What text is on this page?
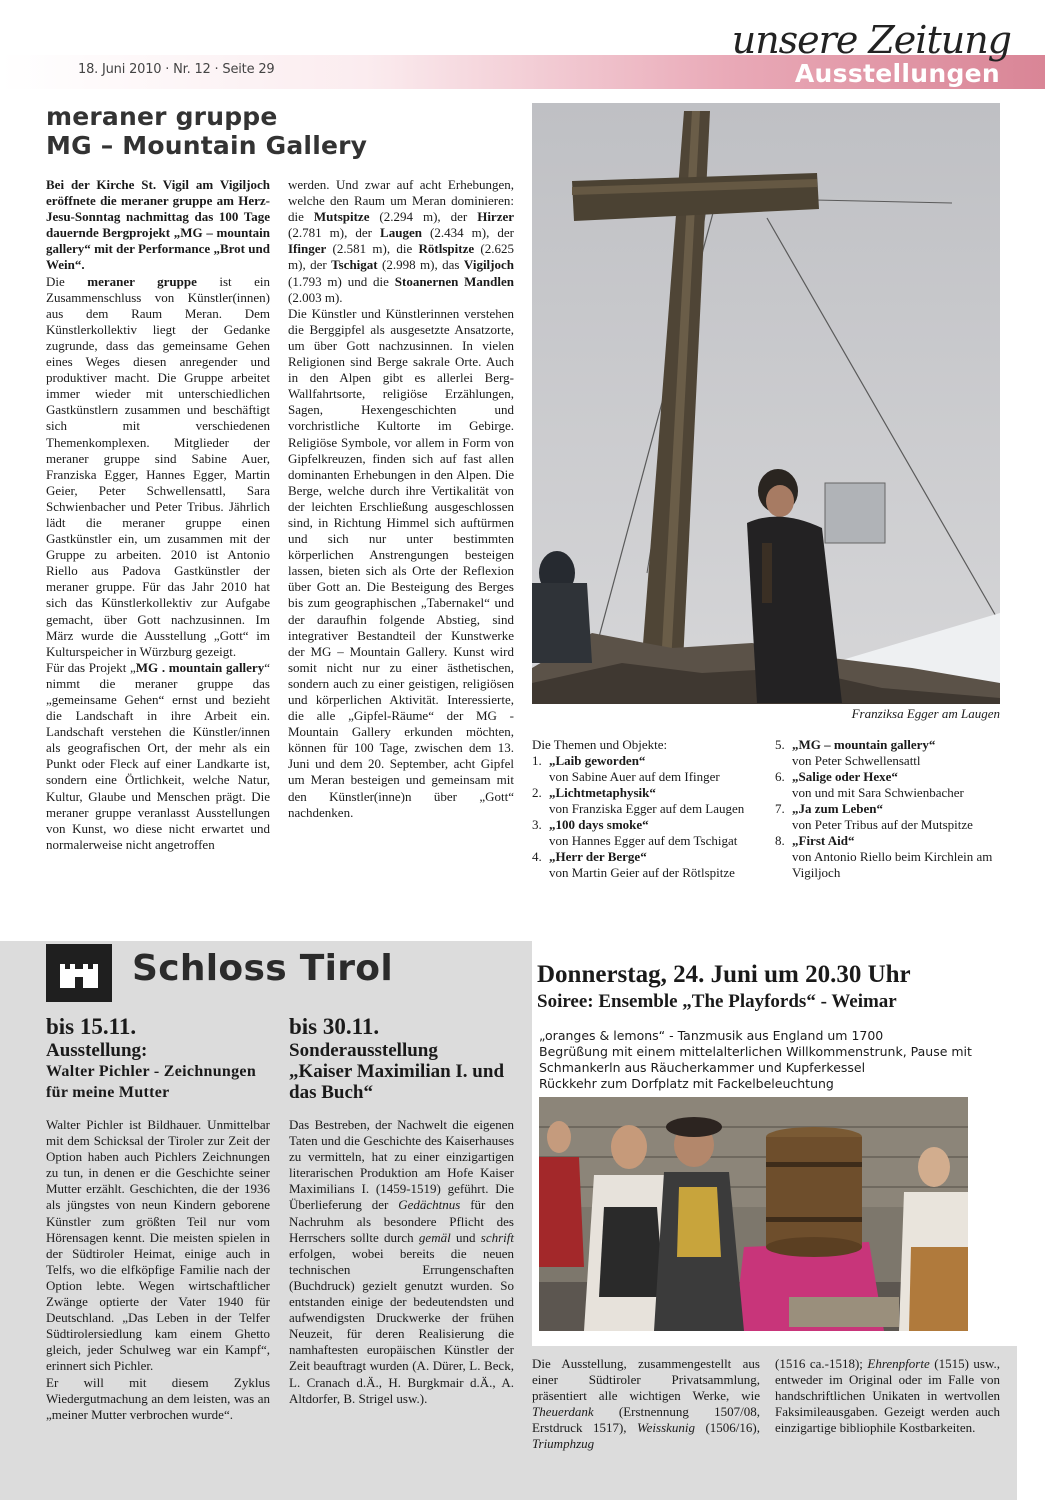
18. Juni 2010 · Nr. 12 · Seite 29
unsere Zeitung
Ausstellungen
meraner gruppe
MG – Mountain Gallery

Bei der Kirche St. Vigil am Vigiljoch eröffnete die meraner gruppe am Herz-Jesu-Sonntag nachmittag das 100 Tage dauernde Bergprojekt „MG – mountain gallery“ mit der Performance „Brot und Wein“.

Die meraner gruppe ist ein Zusammenschluss von Künstler(innen) aus dem Raum Meran. Dem Künstlerkollektiv liegt der Gedanke zugrunde, dass das gemeinsame Gehen eines Weges diesen anregender und produktiver macht. Die Gruppe arbeitet immer wieder mit unterschiedlichen Gastkünstlern zusammen und beschäftigt sich mit verschiedenen Themenkomplexen. Mitglieder der meraner gruppe sind Sabine Auer, Franziska Egger, Hannes Egger, Martin Geier, Peter Schwellensattl, Sara Schwienbacher und Peter Tribus. Jährlich lädt die meraner gruppe einen Gastkünstler ein, um zusammen mit der Gruppe zu arbeiten. 2010 ist Antonio Riello aus Padova Gastkünstler der meraner gruppe. Für das Jahr 2010 hat sich das Künstlerkollektiv zur Aufgabe gemacht, über Gott nachzusinnen. Im März wurde die Ausstellung „Gott“ im Kulturspeicher in Würzburg gezeigt.

Für das Projekt „MG . mountain gallery“ nimmt die meraner gruppe das „gemeinsame Gehen“ ernst und bezieht die Landschaft in ihre Arbeit ein. Landschaft verstehen die Künstler/innen als geografischen Ort, der mehr als ein Punkt oder Fleck auf einer Landkarte ist, sondern eine Örtlichkeit, welche Natur, Kultur, Glaube und Menschen prägt. Die meraner gruppe veranlasst Ausstellungen von Kunst, wo diese nicht erwartet und normalerweise nicht angetroffen

werden. Und zwar auf acht Erhebungen, welche den Raum um Meran dominieren: die Mutspitze (2.294 m), der Hirzer (2.781 m), der Laugen (2.434 m), der Ifinger (2.581 m), die Rötlspitze (2.625 m), der Tschigat (2.998 m), das Vigiljoch (1.793 m) und die Stoanernen Mandlen (2.003 m).

Die Künstler und Künstlerinnen verstehen die Berggipfel als ausgesetzte Ansatzorte, um über Gott nachzusinnen. In vielen Religionen sind Berge sakrale Orte. Auch in den Alpen gibt es allerlei Berg-Wallfahrtsorte, religiöse Erzählungen, Sagen, Hexengeschichten und vorchristliche Kultorte im Gebirge. Religiöse Symbole, vor allem in Form von Gipfelkreuzen, finden sich auf fast allen dominanten Erhebungen in den Alpen. Die Berge, welche durch ihre Vertikalität von der leichten Erschließung ausgeschlossen sind, in Richtung Himmel sich auftürmen und sich nur unter bestimmten körperlichen Anstrengungen besteigen lassen, bieten sich als Orte der Reflexion über Gott an. Die Besteigung des Berges bis zum geographischen „Tabernakel“ und der daraufhin folgende Abstieg, sind integrativer Bestandteil der Kunstwerke der MG – Mountain Gallery. Kunst wird somit nicht nur zu einer ästhetischen, sondern auch zu einer geistigen, religiösen und körperlichen Aktivität. Interessierte, die alle „Gipfel-Räume“ der MG - Mountain Gallery erkunden möchten, können für 100 Tage, zwischen dem 13. Juni und dem 20. September, acht Gipfel um Meran besteigen und gemeinsam mit den Künstler(inne)n über „Gott“ nachdenken.

Franziksa Egger am Laugen
Die Themen und Objekte:
1. „Laib geworden“
von Sabine Auer auf dem Ifinger
2. „Lichtmetaphysik“
von Franziska Egger auf dem Laugen
3. „100 days smoke“
von Hannes Egger auf dem Tschigat
4. „Herr der Berge“
von Martin Geier auf der Rötlspitze
5. „MG – mountain gallery“
von Peter Schwellensattl
6. „Salige oder Hexe“
von und mit Sara Schwienbacher
7. „Ja zum Leben“
von Peter Tribus auf der Mutspitze
8. „First Aid“
von Antonio Riello beim Kirchlein am Vigiljoch
Schloss Tirol
bis 15.11.
Ausstellung:
Walter Pichler - Zeichnungen für meine Mutter

Walter Pichler ist Bildhauer. Unmittelbar mit dem Schicksal der Tiroler zur Zeit der Option haben auch Pichlers Zeichnungen zu tun, in denen er die Geschichte seiner Mutter erzählt. Geschichten, die der 1936 als jüngstes von neun Kindern geborene Künstler zum größten Teil nur vom Hörensagen kennt. Die meisten spielen in der Südtiroler Heimat, einige auch in Telfs, wo die elfköpfige Familie nach der Option lebte. Wegen wirtschaftlicher Zwänge optierte der Vater 1940 für Deutschland. „Das Leben in der Telfer Südtirolersiedlung kam einem Ghetto gleich, jeder Schulweg war ein Kampf“, erinnert sich Pichler.

Er will mit diesem Zyklus Wiedergutmachung an dem leisten, was an „meiner Mutter verbrochen wurde“.

bis 30.11.
Sonderausstellung
„Kaiser Maximilian I. und das Buch“

Das Bestreben, der Nachwelt die eigenen Taten und die Geschichte des Kaiserhauses zu vermitteln, hat zu einer einzigartigen literarischen Produktion am Hofe Kaiser Maximilians I. (1459-1519) geführt. Die Überlieferung der Gedächtnus für den Nachruhm als besondere Pflicht des Herrschers sollte durch gemäl und schrift erfolgen, wobei bereits die neuen technischen Errungenschaften (Buchdruck) gezielt genutzt wurden. So entstanden einige der bedeutendsten und aufwendigsten Druckwerke der frühen Neuzeit, für deren Realisierung die namhaftesten europäischen Künstler der Zeit beauftragt wurden (A. Dürer, L. Beck, L. Cranach d.Ä., H. Burgkmair d.Ä., A. Altdorfer, B. Strigel usw.).

Donnerstag, 24. Juni um 20.30 Uhr
Soiree: Ensemble „The Playfords“ - Weimar
„oranges & lemons“ - Tanzmusik aus England um 1700
Begrüßung mit einem mittelalterlichen Willkommenstrunk, Pause mit Schmankerln aus Räucherkammer und Kupferkessel
Rückkehr zum Dorfplatz mit Fackelbeleuchtung

Die Ausstellung, zusammengestellt aus einer Südtiroler Privatsammlung, präsentiert alle wichtigen Werke, wie Theuerdank (Erstnennung 1507/08, Erstdruck 1517), Weisskunig (1506/16), Triumphzug

(1516 ca.-1518); Ehrenpforte (1515) usw., entweder im Original oder im Falle von handschriftlichen Unikaten in wertvollen Faksimileausgaben. Gezeigt werden auch einzigartige bibliophile Kostbarkeiten.
